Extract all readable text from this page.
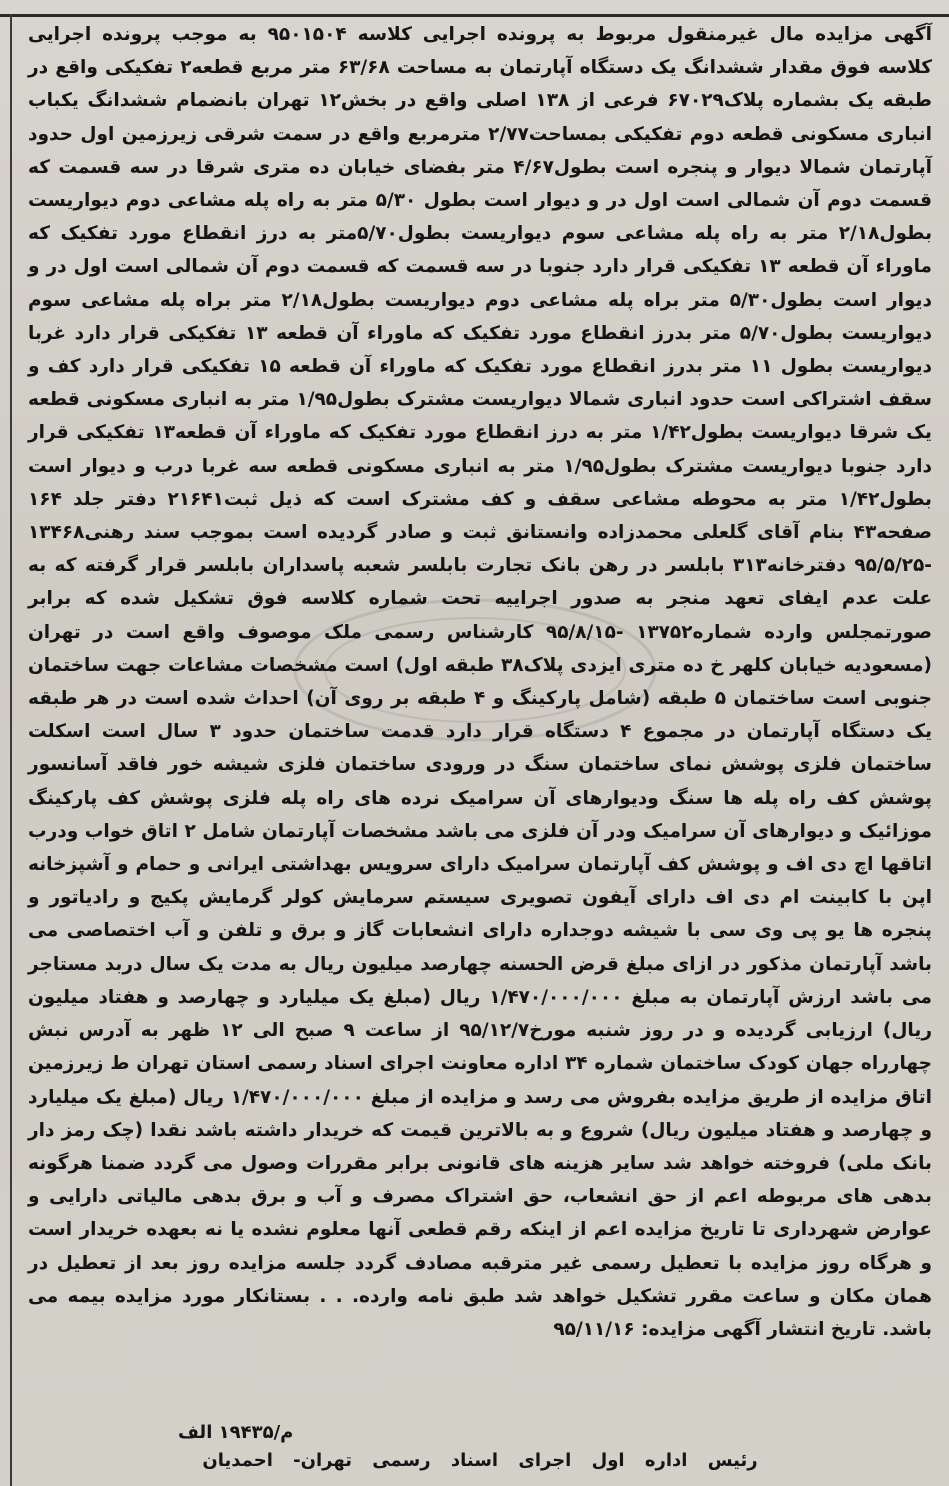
آگهی مزایده مال غیرمنقول مربوط به پرونده اجرایی کلاسه ۹۵۰۱۵۰۴ به موجب پرونده اجرایی کلاسه فوق مقدار ششدانگ یک دستگاه آپارتمان به مساحت ۶۳/۶۸ متر مربع قطعه۲ تفکیکی واقع در طبقه یک بشماره پلاک۶۷۰۲۹ فرعی از ۱۳۸ اصلی واقع در بخش۱۲ تهران بانضمام ششدانگ یکباب انباری مسکونی قطعه دوم تفکیکی بمساحت۲/۷۷ مترمربع واقع در سمت شرقی زیرزمین اول حدود آپارتمان شمالا دیوار و پنجره است بطول۴/۶۷ متر بفضای خیابان ده متری شرقا در سه قسمت که قسمت دوم آن شمالی است اول در و دیوار است بطول ۵/۳۰ متر به راه پله مشاعی دوم دیواریست بطول۲/۱۸ متر به راه پله مشاعی سوم دیواریست بطول۵/۷۰متر به درز انقطاع مورد تفکیک که ماوراء آن قطعه ۱۳ تفکیکی قرار دارد جنوبا در سه قسمت که قسمت دوم آن شمالی است اول در و دیوار است بطول۵/۳۰ متر براه پله مشاعی دوم دیواریست بطول۲/۱۸ متر براه پله مشاعی سوم دیواریست بطول۵/۷۰ متر بدرز انقطاع مورد تفکیک که ماوراء آن قطعه ۱۳ تفکیکی قرار دارد غربا دیواریست بطول ۱۱ متر بدرز انقطاع مورد تفکیک که ماوراء آن قطعه ۱۵ تفکیکی قرار دارد کف و سقف اشتراکی است حدود انباری شمالا دیواریست مشترک بطول۱/۹۵ متر به انباری مسکونی قطعه یک شرقا دیواریست بطول۱/۴۲ متر به درز انقطاع مورد تفکیک که ماوراء آن قطعه۱۳ تفکیکی قرار دارد جنوبا دیواریست مشترک بطول۱/۹۵ متر به انباری مسکونی قطعه سه غربا درب و دیوار است بطول۱/۴۲ متر به محوطه مشاعی سقف و کف مشترک است که ذیل ثبت۲۱۶۴۱ دفتر جلد ۱۶۴ صفحه۴۳ بنام آقای گلعلی محمدزاده وانستانق ثبت و صادر گردیده است بموجب سند رهنی۱۳۴۶۸ -۹۵/۵/۲۵ دفترخانه۳۱۳ بابلسر در رهن بانک تجارت بابلسر شعبه پاسداران بابلسر قرار گرفته که به علت عدم ایفای تعهد منجر به صدور اجراییه تحت شماره کلاسه فوق تشکیل شده که برابر صورتمجلس وارده شماره۱۳۷۵۲ -۹۵/۸/۱۵ کارشناس رسمی ملک موصوف واقع است در تهران (مسعودیه خیابان کلهر خ ده متری ایزدی پلاک۳۸ طبقه اول) است مشخصات مشاعات جهت ساختمان جنوبی است ساختمان ۵ طبقه (شامل پارکینگ و ۴ طبقه بر روی آن) احداث شده است در هر طبقه یک دستگاه آپارتمان در مجموع ۴ دستگاه قرار دارد قدمت ساختمان حدود ۳ سال است اسکلت ساختمان فلزی پوشش نمای ساختمان سنگ در ورودی ساختمان فلزی شیشه خور فاقد آسانسور پوشش کف راه پله ها سنگ ودیوارهای آن سرامیک نرده های راه پله فلزی پوشش کف پارکینگ موزائیک و دیوارهای آن سرامیک ودر آن فلزی می باشد مشخصات آپارتمان شامل ۲ اتاق خواب ودرب اتاقها اچ دی اف و پوشش کف آپارتمان سرامیک دارای سرویس بهداشتی ایرانی و حمام و آشپزخانه اپن با کابینت ام دی اف دارای آیفون تصویری سیستم سرمایش کولر گرمایش پکیج و رادیاتور و پنجره ها یو پی وی سی با شیشه دوجداره دارای انشعابات گاز و برق و تلفن و آب اختصاصی می باشد آپارتمان مذکور در ازای مبلغ قرض الحسنه چهارصد میلیون ریال به مدت یک سال دربد مستاجر می باشد ارزش آپارتمان به مبلغ ۱/۴۷۰/۰۰۰/۰۰۰ ریال (مبلغ یک میلیارد و چهارصد و هفتاد میلیون ریال) ارزیابی گردیده و در روز شنبه مورخ۹۵/۱۲/۷ از ساعت ۹ صبح الی ۱۲ ظهر به آدرس نبش چهارراه جهان کودک ساختمان شماره ۳۴ اداره معاونت اجرای اسناد رسمی استان تهران ط زیرزمین اتاق مزایده از طریق مزایده بفروش می رسد و مزایده از مبلغ ۱/۴۷۰/۰۰۰/۰۰۰ ریال (مبلغ یک میلیارد و چهارصد و هفتاد میلیون ریال) شروع و به بالاترین قیمت که خریدار داشته باشد نقدا (چک رمز دار بانک ملی) فروخته خواهد شد سایر هزینه های قانونی برابر مقررات وصول می گردد ضمنا هرگونه بدهی های مربوطه اعم از حق انشعاب، حق اشتراک مصرف و آب و برق بدهی مالیاتی دارایی و عوارض شهرداری تا تاریخ مزایده اعم از اینکه رقم قطعی آنها معلوم نشده یا نه بعهده خریدار است و هرگاه روز مزایده با تعطیل رسمی غیر مترقبه مصادف گردد جلسه مزایده روز بعد از تعطیل در همان مکان و ساعت مقرر تشکیل خواهد شد طبق نامه وارده. . . بستانکار مورد مزایده بیمه می باشد. تاریخ انتشار آگهی مزایده: ۹۵/۱۱/۱۶

م/۱۹۴۳۵ الف
رئیس اداره اول اجرای اسناد رسمی تهران- احمدیان
